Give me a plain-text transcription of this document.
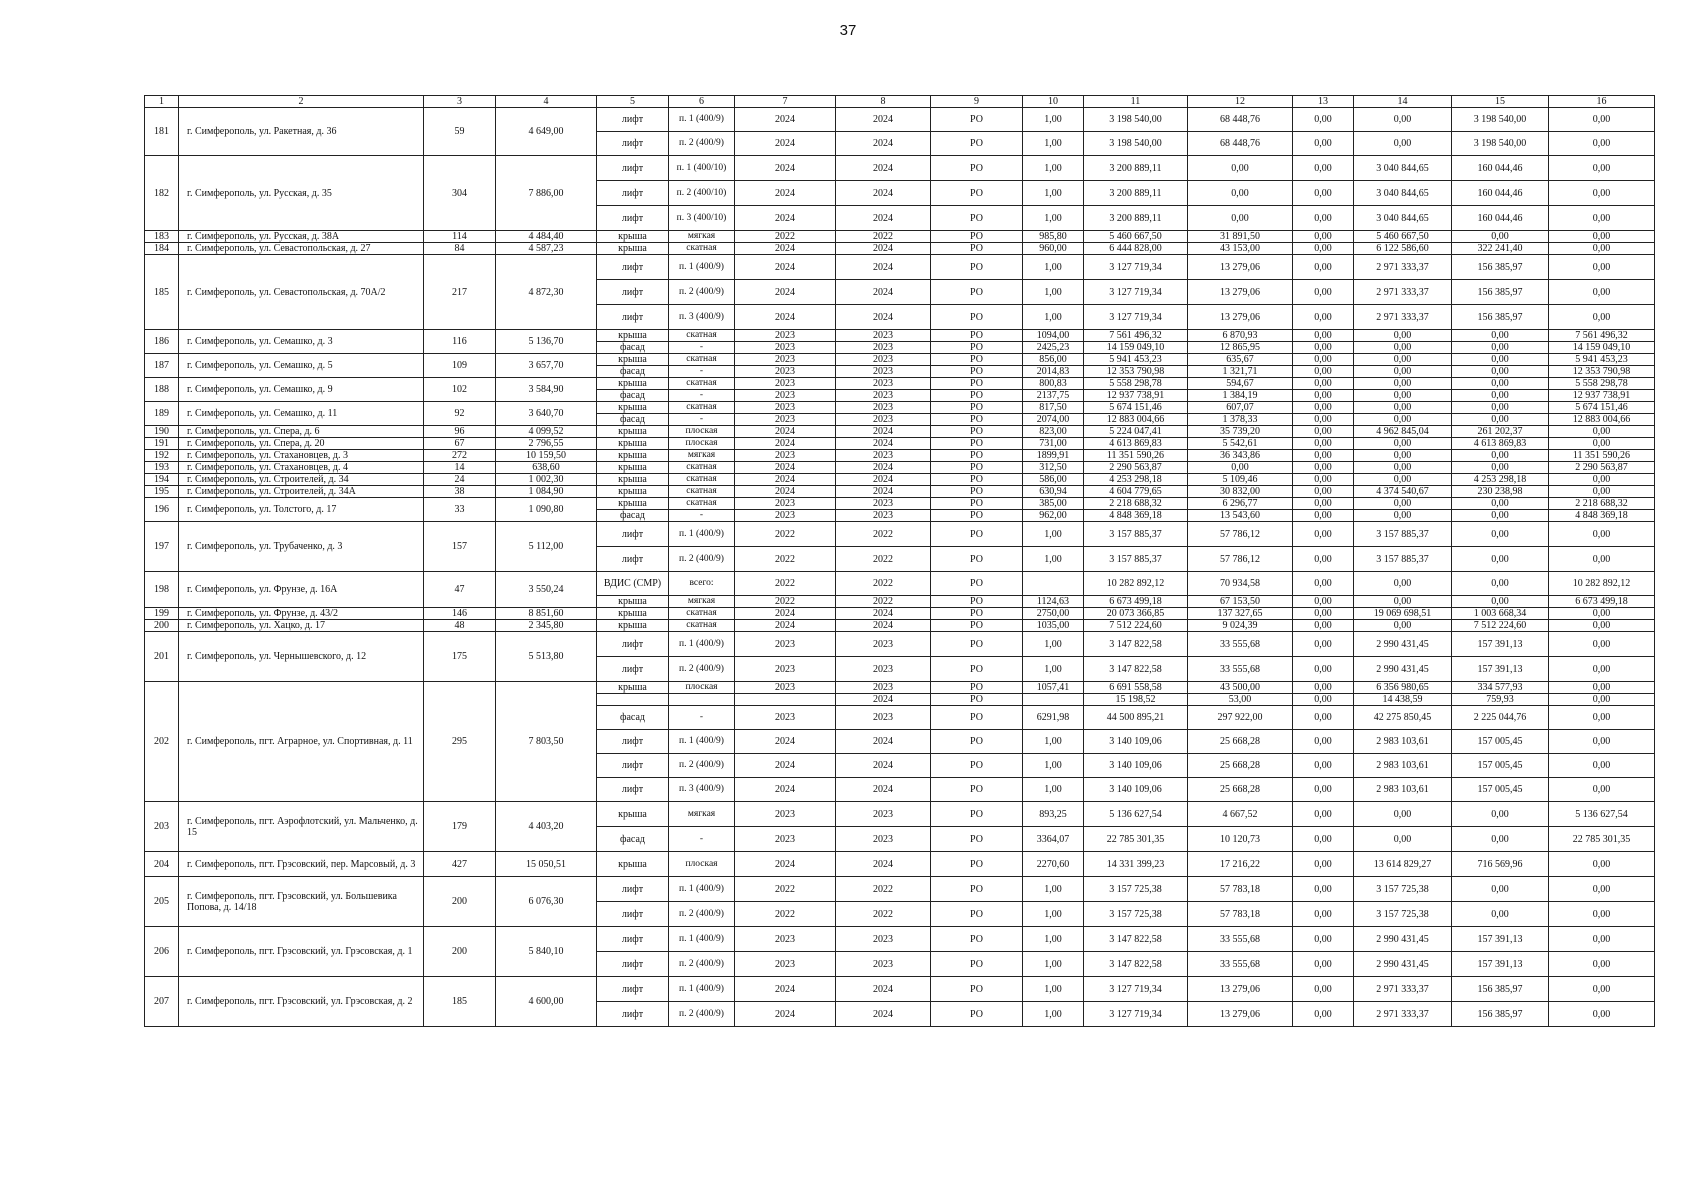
37
1	2	3	4	5	6	7	8	9	10	11	12	13	14	15	16
181	г. Симферополь, ул. Ракетная, д. 36	59	4 649,00	лифт	п. 1 (400/9)	2024	2024	РО	1,00	3 198 540,00	68 448,76	0,00	0,00	3 198 540,00	0,00
				лифт	п. 2 (400/9)	2024	2024	РО	1,00	3 198 540,00	68 448,76	0,00	0,00	3 198 540,00	0,00
182	г. Симферополь, ул. Русская, д. 35	304	7 886,00	лифт	п. 1 (400/10)	2024	2024	РО	1,00	3 200 889,11	0,00	0,00	3 040 844,65	160 044,46	0,00
				лифт	п. 2 (400/10)	2024	2024	РО	1,00	3 200 889,11	0,00	0,00	3 040 844,65	160 044,46	0,00
				лифт	п. 3 (400/10)	2024	2024	РО	1,00	3 200 889,11	0,00	0,00	3 040 844,65	160 044,46	0,00
183	г. Симферополь, ул. Русская, д. 38А	114	4 484,40	крыша	мягкая	2022	2022	РО	985,80	5 460 667,50	31 891,50	0,00	5 460 667,50	0,00	0,00
184	г. Симферополь, ул. Севастопольская, д. 27	84	4 587,23	крыша	скатная	2024	2024	РО	960,00	6 444 828,00	43 153,00	0,00	6 122 586,60	322 241,40	0,00
185	г. Симферополь, ул. Севастопольская, д. 70А/2	217	4 872,30	лифт	п. 1 (400/9)	2024	2024	РО	1,00	3 127 719,34	13 279,06	0,00	2 971 333,37	156 385,97	0,00
				лифт	п. 2 (400/9)	2024	2024	РО	1,00	3 127 719,34	13 279,06	0,00	2 971 333,37	156 385,97	0,00
				лифт	п. 3 (400/9)	2024	2024	РО	1,00	3 127 719,34	13 279,06	0,00	2 971 333,37	156 385,97	0,00
186	г. Симферополь, ул. Семашко, д. 3	116	5 136,70	крыша	скатная	2023	2023	РО	1094,00	7 561 496,32	6 870,93	0,00	0,00	0,00	7 561 496,32
				фасад	-	2023	2023	РО	2425,23	14 159 049,10	12 865,95	0,00	0,00	0,00	14 159 049,10
187	г. Симферополь, ул. Семашко, д. 5	109	3 657,70	крыша	скатная	2023	2023	РО	856,00	5 941 453,23	635,67	0,00	0,00	0,00	5 941 453,23
				фасад	-	2023	2023	РО	2014,83	12 353 790,98	1 321,71	0,00	0,00	0,00	12 353 790,98
188	г. Симферополь, ул. Семашко, д. 9	102	3 584,90	крыша	скатная	2023	2023	РО	800,83	5 558 298,78	594,67	0,00	0,00	0,00	5 558 298,78
				фасад	-	2023	2023	РО	2137,75	12 937 738,91	1 384,19	0,00	0,00	0,00	12 937 738,91
189	г. Симферополь, ул. Семашко, д. 11	92	3 640,70	крыша	скатная	2023	2023	РО	817,50	5 674 151,46	607,07	0,00	0,00	0,00	5 674 151,46
				фасад	-	2023	2023	РО	2074,00	12 883 004,66	1 378,33	0,00	0,00	0,00	12 883 004,66
190	г. Симферополь, ул. Спера, д. 6	96	4 099,52	крыша	плоская	2024	2024	РО	823,00	5 224 047,41	35 739,20	0,00	4 962 845,04	261 202,37	0,00
191	г. Симферополь, ул. Спера, д. 20	67	2 796,55	крыша	плоская	2024	2024	РО	731,00	4 613 869,83	5 542,61	0,00	0,00	4 613 869,83	0,00
192	г. Симферополь, ул. Стахановцев, д. 3	272	10 159,50	крыша	мягкая	2023	2023	РО	1899,91	11 351 590,26	36 343,86	0,00	0,00	0,00	11 351 590,26
193	г. Симферополь, ул. Стахановцев, д. 4	14	638,60	крыша	скатная	2024	2024	РО	312,50	2 290 563,87	0,00	0,00	0,00	0,00	2 290 563,87
194	г. Симферополь, ул. Строителей, д. 34	24	1 002,30	крыша	скатная	2024	2024	РО	586,00	4 253 298,18	5 109,46	0,00	0,00	4 253 298,18	0,00
195	г. Симферополь, ул. Строителей, д. 34А	38	1 084,90	крыша	скатная	2024	2024	РО	630,94	4 604 779,65	30 832,00	0,00	4 374 540,67	230 238,98	0,00
196	г. Симферополь, ул. Толстого, д. 17	33	1 090,80	крыша	скатная	2023	2023	РО	385,00	2 218 688,32	6 296,77	0,00	0,00	0,00	2 218 688,32
				фасад	-	2023	2023	РО	962,00	4 848 369,18	13 543,60	0,00	0,00	0,00	4 848 369,18
197	г. Симферополь, ул. Трубаченко, д. 3	157	5 112,00	лифт	п. 1 (400/9)	2022	2022	РО	1,00	3 157 885,37	57 786,12	0,00	3 157 885,37	0,00	0,00
				лифт	п. 2 (400/9)	2022	2022	РО	1,00	3 157 885,37	57 786,12	0,00	3 157 885,37	0,00	0,00
198	г. Симферополь, ул. Фрунзе, д. 16А	47	3 550,24	ВДИС (СМР)	всего:	2022	2022	РО		10 282 892,12	70 934,58	0,00	0,00	0,00	10 282 892,12
				крыша	мягкая	2022	2022	РО	1124,63	6 673 499,18	67 153,50	0,00	0,00	0,00	6 673 499,18
199	г. Симферополь, ул. Фрунзе, д. 43/2	146	8 851,60	крыша	скатная	2024	2024	РО	2750,00	20 073 366,85	137 327,65	0,00	19 069 698,51	1 003 668,34	0,00
200	г. Симферополь, ул. Хацко, д. 17	48	2 345,80	крыша	скатная	2024	2024	РО	1035,00	7 512 224,60	9 024,39	0,00	0,00	7 512 224,60	0,00
201	г. Симферополь, ул. Чернышевского, д. 12	175	5 513,80	лифт	п. 1 (400/9)	2023	2023	РО	1,00	3 147 822,58	33 555,68	0,00	2 990 431,45	157 391,13	0,00
				лифт	п. 2 (400/9)	2023	2023	РО	1,00	3 147 822,58	33 555,68	0,00	2 990 431,45	157 391,13	0,00
202	г. Симферополь, пгт. Аграрное, ул. Спортивная, д. 11	295	7 803,50	крыша	плоская	2023	2023	РО	1057,41	6 691 558,58	43 500,00	0,00	6 356 980,65	334 577,93	0,00
							2024	РО		15 198,52	53,00	0,00	14 438,59	759,93	0,00
				фасад	-	2023	2023	РО	6291,98	44 500 895,21	297 922,00	0,00	42 275 850,45	2 225 044,76	0,00
				лифт	п. 1 (400/9)	2024	2024	РО	1,00	3 140 109,06	25 668,28	0,00	2 983 103,61	157 005,45	0,00
				лифт	п. 2 (400/9)	2024	2024	РО	1,00	3 140 109,06	25 668,28	0,00	2 983 103,61	157 005,45	0,00
				лифт	п. 3 (400/9)	2024	2024	РО	1,00	3 140 109,06	25 668,28	0,00	2 983 103,61	157 005,45	0,00
203	г. Симферополь, пгт. Аэрофлотский, ул. Мальченко, д. 15	179	4 403,20	крыша	мягкая	2023	2023	РО	893,25	5 136 627,54	4 667,52	0,00	0,00	0,00	5 136 627,54
				фасад	-	2023	2023	РО	3364,07	22 785 301,35	10 120,73	0,00	0,00	0,00	22 785 301,35
204	г. Симферополь, пгт. Грэсовский, пер. Марсовый, д. 3	427	15 050,51	крыша	плоская	2024	2024	РО	2270,60	14 331 399,23	17 216,22	0,00	13 614 829,27	716 569,96	0,00
205	г. Симферополь, пгт. Грэсовский, ул. Большевика Попова, д. 14/18	200	6 076,30	лифт	п. 1 (400/9)	2022	2022	РО	1,00	3 157 725,38	57 783,18	0,00	3 157 725,38	0,00	0,00
				лифт	п. 2 (400/9)	2022	2022	РО	1,00	3 157 725,38	57 783,18	0,00	3 157 725,38	0,00	0,00
206	г. Симферополь, пгт. Грэсовский, ул. Грэсовская, д. 1	200	5 840,10	лифт	п. 1 (400/9)	2023	2023	РО	1,00	3 147 822,58	33 555,68	0,00	2 990 431,45	157 391,13	0,00
				лифт	п. 2 (400/9)	2023	2023	РО	1,00	3 147 822,58	33 555,68	0,00	2 990 431,45	157 391,13	0,00
207	г. Симферополь, пгт. Грэсовский, ул. Грэсовская, д. 2	185	4 600,00	лифт	п. 1 (400/9)	2024	2024	РО	1,00	3 127 719,34	13 279,06	0,00	2 971 333,37	156 385,97	0,00
				лифт	п. 2 (400/9)	2024	2024	РО	1,00	3 127 719,34	13 279,06	0,00	2 971 333,37	156 385,97	0,00
